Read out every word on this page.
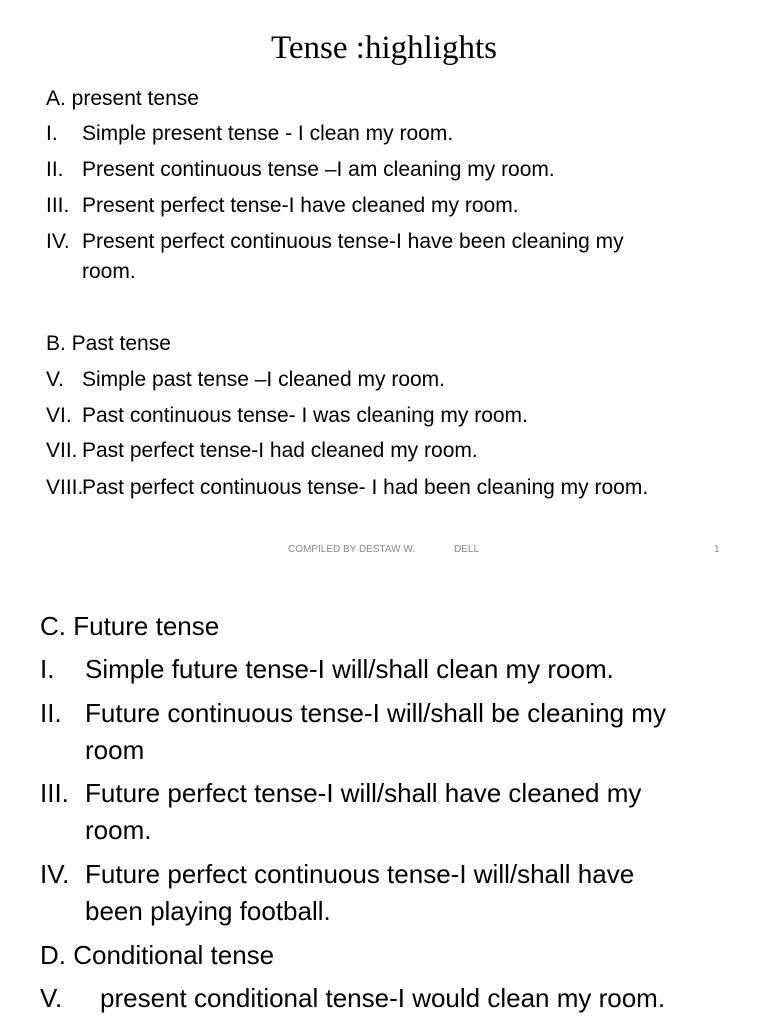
Tense :highlights
A. present tense
I. Simple present tense - I clean my room.
II. Present continuous tense –I am cleaning my room.
III. Present perfect tense-I have cleaned my room.
IV. Present perfect continuous tense-I have been cleaning my
room.
B. Past tense
V. Simple past tense –I cleaned my room.
VI. Past continuous tense- I was cleaning my room.
VII. Past perfect tense-I had cleaned my room.
VIII.
Past perfect continuous tense- I had been cleaning my room.
COMPILED BY DESTAW W.	DELL	1
C. Future tense
I. Simple future tense-I will/shall clean my room.
II. Future continuous tense-I will/shall be cleaning my
room
III. Future perfect tense-I will/shall have cleaned my
room.
IV. Future perfect continuous tense-I will/shall have
been playing football.
D. Conditional tense
V. present conditional tense-I would clean my room.
